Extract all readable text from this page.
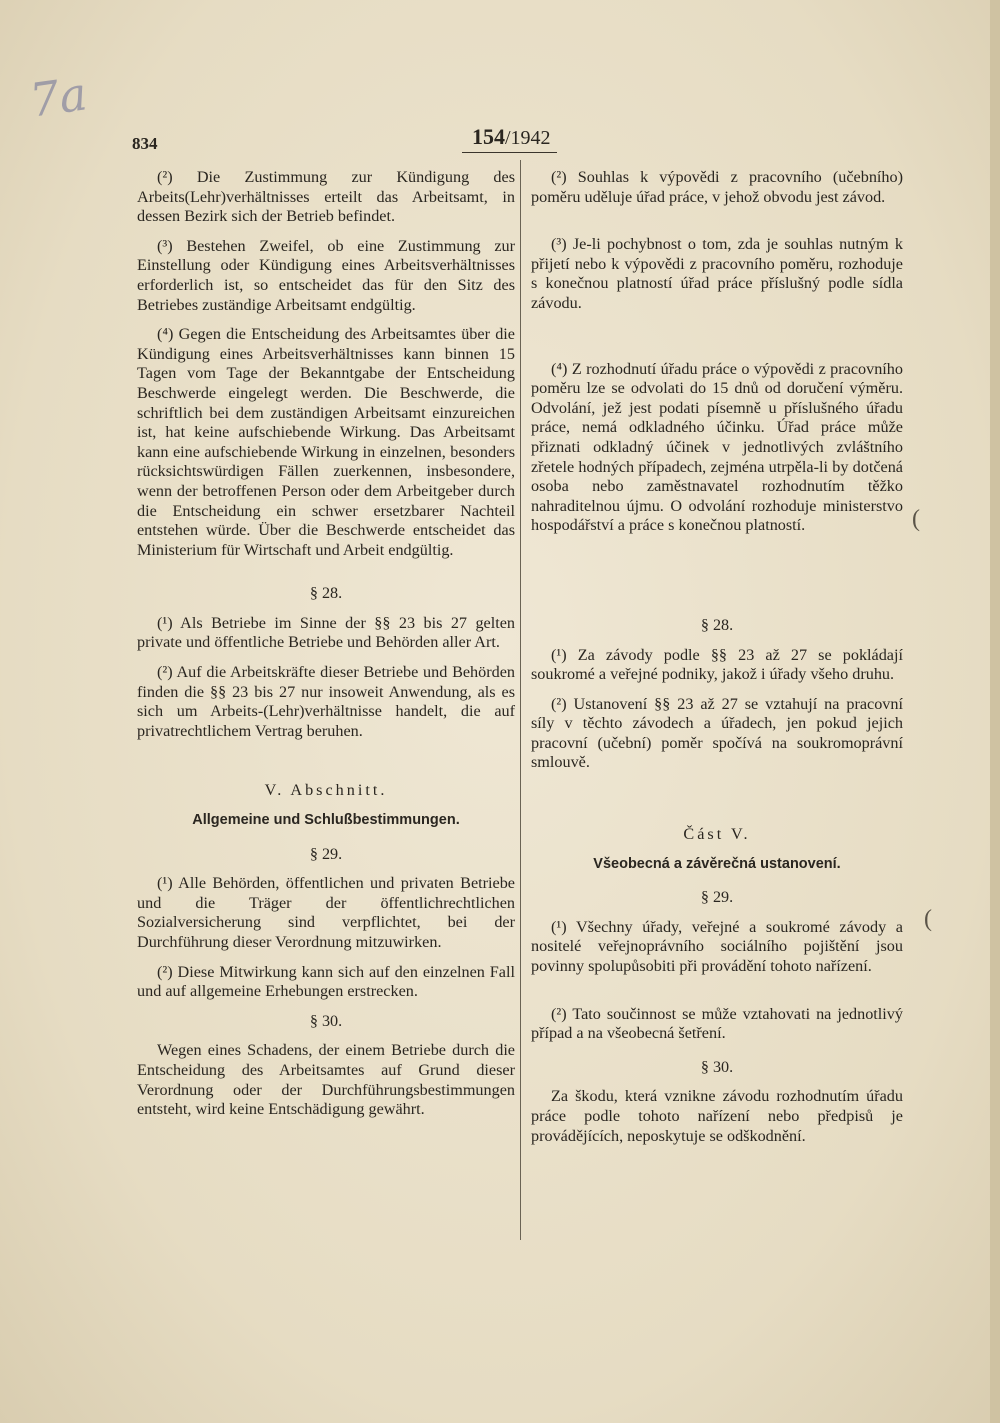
7a
834	154/1942

(²) Die Zustimmung zur Kündigung des Arbeits(Lehr)verhältnisses erteilt das Arbeitsamt, in dessen Bezirk sich der Betrieb befindet.

(³) Bestehen Zweifel, ob eine Zustimmung zur Einstellung oder Kündigung eines Arbeitsverhältnisses erforderlich ist, so entscheidet das für den Sitz des Betriebes zuständige Arbeitsamt endgültig.

(⁴) Gegen die Entscheidung des Arbeitsamtes über die Kündigung eines Arbeitsverhältnisses kann binnen 15 Tagen vom Tage der Bekanntgabe der Entscheidung Beschwerde eingelegt werden. Die Beschwerde, die schriftlich bei dem zuständigen Arbeitsamt einzureichen ist, hat keine aufschiebende Wirkung. Das Arbeitsamt kann eine aufschiebende Wirkung in einzelnen, besonders rücksichtswürdigen Fällen zuerkennen, insbesondere, wenn der betroffenen Person oder dem Arbeitgeber durch die Entscheidung ein schwer ersetzbarer Nachteil entstehen würde. Über die Beschwerde entscheidet das Ministerium für Wirtschaft und Arbeit endgültig.

§ 28.

(¹) Als Betriebe im Sinne der §§ 23 bis 27 gelten private und öffentliche Betriebe und Behörden aller Art.

(²) Auf die Arbeitskräfte dieser Betriebe und Behörden finden die §§ 23 bis 27 nur insoweit Anwendung, als es sich um Arbeits-(Lehr)verhältnisse handelt, die auf privatrechtlichem Vertrag beruhen.

V. Abschnitt.

Allgemeine und Schlußbestimmungen.

§ 29.

(¹) Alle Behörden, öffentlichen und privaten Betriebe und die Träger der öffentlichrechtlichen Sozialversicherung sind verpflichtet, bei der Durchführung dieser Verordnung mitzuwirken.

(²) Diese Mitwirkung kann sich auf den einzelnen Fall und auf allgemeine Erhebungen erstrecken.

§ 30.

Wegen eines Schadens, der einem Betriebe durch die Entscheidung des Arbeitsamtes auf Grund dieser Verordnung oder der Durchführungsbestimmungen entsteht, wird keine Entschädigung gewährt.

(²) Souhlas k výpovědi z pracovního (učebního) poměru uděluje úřad práce, v jehož obvodu jest závod.

(³) Je-li pochybnost o tom, zda je souhlas nutným k přijetí nebo k výpovědi z pracovního poměru, rozhoduje s konečnou platností úřad práce příslušný podle sídla závodu.

(⁴) Z rozhodnutí úřadu práce o výpovědi z pracovního poměru lze se odvolati do 15 dnů od doručení výměru. Odvolání, jež jest podati písemně u příslušného úřadu práce, nemá odkladného účinku. Úřad práce může přiznati odkladný účinek v jednotlivých zvláštního zřetele hodných případech, zejména utrpěla-li by dotčená osoba nebo zaměstnavatel rozhodnutím těžko nahraditelnou újmu. O odvolání rozhoduje ministerstvo hospodářství a práce s konečnou platností.

§ 28.

(¹) Za závody podle §§ 23 až 27 se pokládají soukromé a veřejné podniky, jakož i úřady všeho druhu.

(²) Ustanovení §§ 23 až 27 se vztahují na pracovní síly v těchto závodech a úřadech, jen pokud jejich pracovní (učební) poměr spočívá na soukromoprávní smlouvě.

Část V.

Všeobecná a závěrečná ustanovení.

§ 29.

(¹) Všechny úřady, veřejné a soukromé závody a nositelé veřejnoprávního sociálního pojištění jsou povinny spolupůsobiti při provádění tohoto nařízení.

(²) Tato součinnost se může vztahovati na jednotlivý případ a na všeobecná šetření.

§ 30.

Za škodu, která vznikne závodu rozhodnutím úřadu práce podle tohoto nařízení nebo předpisů je provádějících, neposkytuje se odškodnění.

(
(
